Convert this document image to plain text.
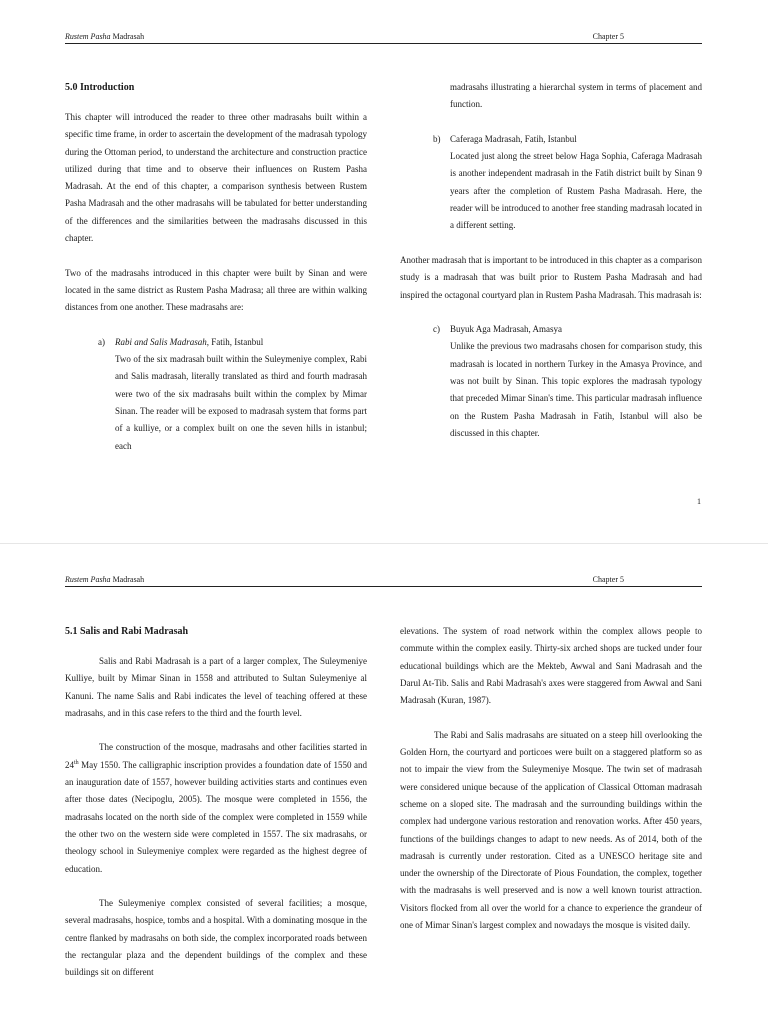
Rustem Pasha Madrasah	Chapter 5

5.0 Introduction

This chapter will introduced the reader to three other madrasahs built within a specific time frame, in order to ascertain the development of the madrasah typology during the Ottoman period, to understand the architecture and construction practice utilized during that time and to observe their influences on Rustem Pasha Madrasah. At the end of this chapter, a comparison synthesis between Rustem Pasha Madrasah and the other madrasahs will be tabulated for better understanding of the differences and the similarities between the madrasahs discussed in this chapter.

Two of the madrasahs introduced in this chapter were built by Sinan and were located in the same district as Rustem Pasha Madrasa; all three are within walking distances from one another. These madrasahs are:

a) Rabi and Salis Madrasah, Fatih, Istanbul

Two of the six madrasah built within the Suleymeniye complex, Rabi and Salis madrasah, literally translated as third and fourth madrasah were two of the six madrasahs built within the complex by Mimar Sinan. The reader will be exposed to madrasah system that forms part of a kulliye, or a complex built on one the seven hills in istanbul; each

madrasahs illustrating a hierarchal system in terms of placement and function.

b) Caferaga Madrasah, Fatih, Istanbul

Located just along the street below Haga Sophia, Caferaga Madrasah is another independent madrasah in the Fatih district built by Sinan 9 years after the completion of Rustem Pasha Madrasah. Here, the reader will be introduced to another free standing madrasah located in a different setting.

Another madrasah that is important to be introduced in this chapter as a comparison study is a madrasah that was built prior to Rustem Pasha Madrasah and had inspired the octagonal courtyard plan in Rustem Pasha Madrasah. This madrasah is:

c) Buyuk Aga Madrasah, Amasya

Unlike the previous two madrasahs chosen for comparison study, this madrasah is located in northern Turkey in the Amasya Province, and was not built by Sinan. This topic explores the madrasah typology that preceded Mimar Sinan's time. This particular madrasah influence on the Rustem Pasha Madrasah in Fatih, Istanbul will also be discussed in this chapter.

1
Rustem Pasha Madrasah	Chapter 5

5.1 Salis and Rabi Madrasah

Salis and Rabi Madrasah is a part of a larger complex, The Suleymeniye Kulliye, built by Mimar Sinan in 1558 and attributed to Sultan Suleymeniye al Kanuni. The name Salis and Rabi indicates the level of teaching offered at these madrasahs, and in this case refers to the third and the fourth level.

The construction of the mosque, madrasahs and other facilities started in 24th May 1550. The calligraphic inscription provides a foundation date of 1550 and an inauguration date of 1557, however building activities starts and continues even after those dates (Necipoglu, 2005). The mosque were completed in 1556, the madrasahs located on the north side of the complex were completed in 1559 while the other two on the western side were completed in 1557. The six madrasahs, or theology school in Suleymeniye complex were regarded as the highest degree of education.

The Suleymeniye complex consisted of several facilities; a mosque, several madrasahs, hospice, tombs and a hospital. With a dominating mosque in the centre flanked by madrasahs on both side, the complex incorporated roads between the rectangular plaza and the dependent buildings of the complex and these buildings sit on different

elevations. The system of road network within the complex allows people to commute within the complex easily. Thirty-six arched shops are tucked under four educational buildings which are the Mekteb, Awwal and Sani Madrasah and the Darul At-Tib. Salis and Rabi Madrasah's axes were staggered from Awwal and Sani Madrasah (Kuran, 1987).

The Rabi and Salis madrasahs are situated on a steep hill overlooking the Golden Horn, the courtyard and porticoes were built on a staggered platform so as not to impair the view from the Suleymeniye Mosque. The twin set of madrasah were considered unique because of the application of Classical Ottoman madrasah scheme on a sloped site. The madrasah and the surrounding buildings within the complex had undergone various restoration and renovation works. After 450 years, functions of the buildings changes to adapt to new needs. As of 2014, both of the madrasah is currently under restoration. Cited as a UNESCO heritage site and under the ownership of the Directorate of Pious Foundation, the complex, together with the madrasahs is well preserved and is now a well known tourist attraction. Visitors flocked from all over the world for a chance to experience the grandeur of one of Mimar Sinan's largest complex and nowadays the mosque is visited daily.
